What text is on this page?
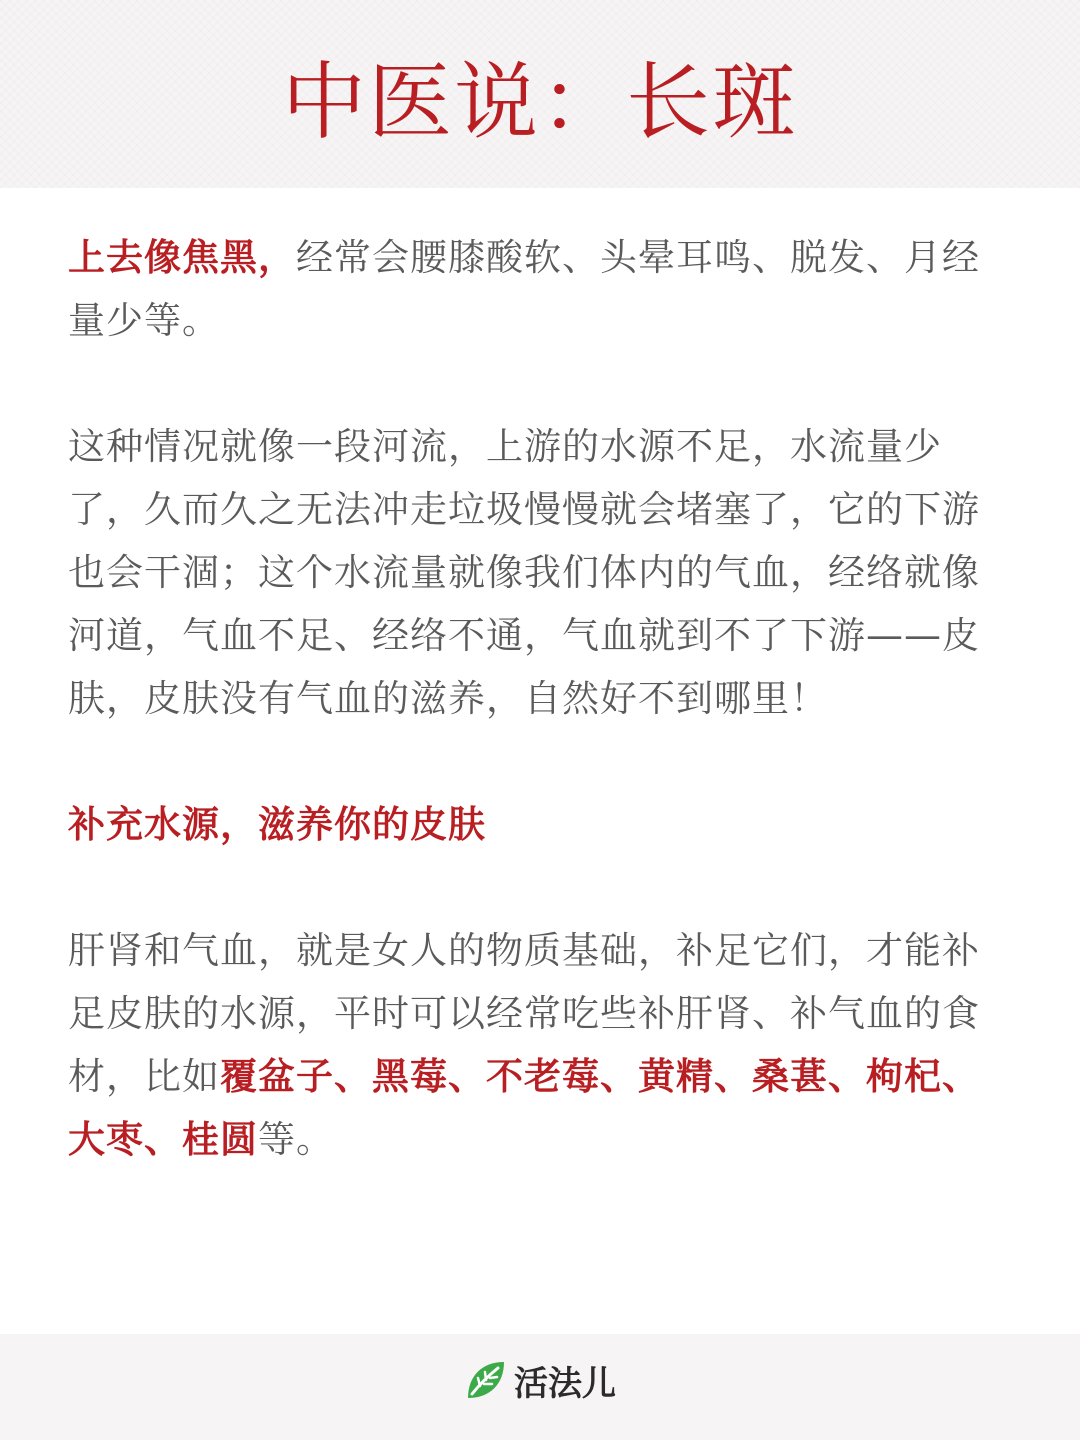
中医说：长斑

上去像焦黑，经常会腰膝酸软、头晕耳鸣、脱发、月经量少等。

这种情况就像一段河流，上游的水源不足，水流量少了，久而久之无法冲走垃圾慢慢就会堵塞了，它的下游也会干涸；这个水流量就像我们体内的气血，经络就像河道，气血不足、经络不通，气血就到不了下游——皮肤，皮肤没有气血的滋养，自然好不到哪里！

补充水源，滋养你的皮肤

肝肾和气血，就是女人的物质基础，补足它们，才能补足皮肤的水源，平时可以经常吃些补肝肾、补气血的食材，比如覆盆子、黑莓、不老莓、黄精、桑葚、枸杞、大枣、桂圆等。

活法儿
